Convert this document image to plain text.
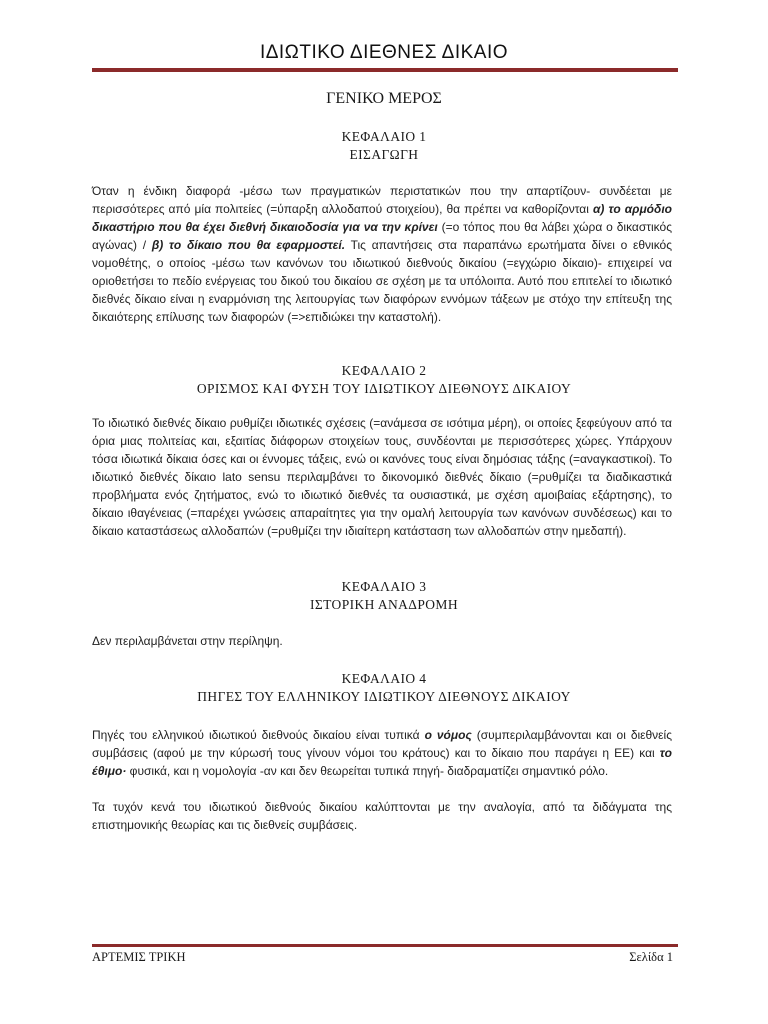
ΙΔΙΩΤΙΚΟ ΔΙΕΘΝΕΣ ΔΙΚΑΙΟ
ΓΕΝΙΚΟ ΜΕΡΟΣ
ΚΕΦΑΛΑΙΟ 1
ΕΙΣΑΓΩΓΗ
Όταν η ένδικη διαφορά -μέσω των πραγματικών περιστατικών που την απαρτίζουν- συνδέεται με περισσότερες από μία πολιτείες (=ύπαρξη αλλοδαπού στοιχείου), θα πρέπει να καθορίζονται α) το αρμόδιο δικαστήριο που θα έχει διεθνή δικαιοδοσία για να την κρίνει (=ο τόπος που θα λάβει χώρα ο δικαστικός αγώνας) / β) το δίκαιο που θα εφαρμοστεί. Τις απαντήσεις στα παραπάνω ερωτήματα δίνει ο εθνικός νομοθέτης, ο οποίος -μέσω των κανόνων του ιδιωτικού διεθνούς δικαίου (=εγχώριο δίκαιο)- επιχειρεί να οριοθετήσει το πεδίο ενέργειας του δικού του δικαίου σε σχέση με τα υπόλοιπα. Αυτό που επιτελεί το ιδιωτικό διεθνές δίκαιο είναι η εναρμόνιση της λειτουργίας των διαφόρων εννόμων τάξεων με στόχο την επίτευξη της δικαιότερης επίλυσης των διαφορών (=>επιδιώκει την καταστολή).
ΚΕΦΑΛΑΙΟ 2
ΟΡΙΣΜΟΣ ΚΑΙ ΦΥΣΗ ΤΟΥ ΙΔΙΩΤΙΚΟΥ ΔΙΕΘΝΟΥΣ ΔΙΚΑΙΟΥ
Το ιδιωτικό διεθνές δίκαιο ρυθμίζει ιδιωτικές σχέσεις (=ανάμεσα σε ισότιμα μέρη), οι οποίες ξεφεύγουν από τα όρια μιας πολιτείας και, εξαιτίας διάφορων στοιχείων τους, συνδέονται με περισσότερες χώρες. Υπάρχουν τόσα ιδιωτικά δίκαια όσες και οι έννομες τάξεις, ενώ οι κανόνες τους είναι δημόσιας τάξης (=αναγκαστικοί). Το ιδιωτικό διεθνές δίκαιο lato sensu περιλαμβάνει το δικονομικό διεθνές δίκαιο (=ρυθμίζει τα διαδικαστικά προβλήματα ενός ζητήματος, ενώ το ιδιωτικό διεθνές τα ουσιαστικά, με σχέση αμοιβαίας εξάρτησης), το δίκαιο ιθαγένειας (=παρέχει γνώσεις απαραίτητες για την ομαλή λειτουργία των κανόνων συνδέσεως) και το δίκαιο καταστάσεως αλλοδαπών (=ρυθμίζει την ιδιαίτερη κατάσταση των αλλοδαπών στην ημεδαπή).
ΚΕΦΑΛΑΙΟ 3
ΙΣΤΟΡΙΚΗ ΑΝΑΔΡΟΜΗ
Δεν περιλαμβάνεται στην περίληψη.
ΚΕΦΑΛΑΙΟ 4
ΠΗΓΕΣ ΤΟΥ ΕΛΛΗΝΙΚΟΥ ΙΔΙΩΤΙΚΟΥ ΔΙΕΘΝΟΥΣ ΔΙΚΑΙΟΥ
Πηγές του ελληνικού ιδιωτικού διεθνούς δικαίου είναι τυπικά ο νόμος (συμπεριλαμβάνονται και οι διεθνείς συμβάσεις (αφού με την κύρωσή τους γίνουν νόμοι του κράτους) και το δίκαιο που παράγει η ΕΕ) και το έθιμο· φυσικά, και η νομολογία -αν και δεν θεωρείται τυπικά πηγή- διαδραματίζει σημαντικό ρόλο.
Τα τυχόν κενά του ιδιωτικού διεθνούς δικαίου καλύπτονται με την αναλογία, από τα διδάγματα της επιστημονικής θεωρίας και τις διεθνείς συμβάσεις.
ΑΡΤΕΜΙΣ ΤΡΙΚΗ	Σελίδα 1
